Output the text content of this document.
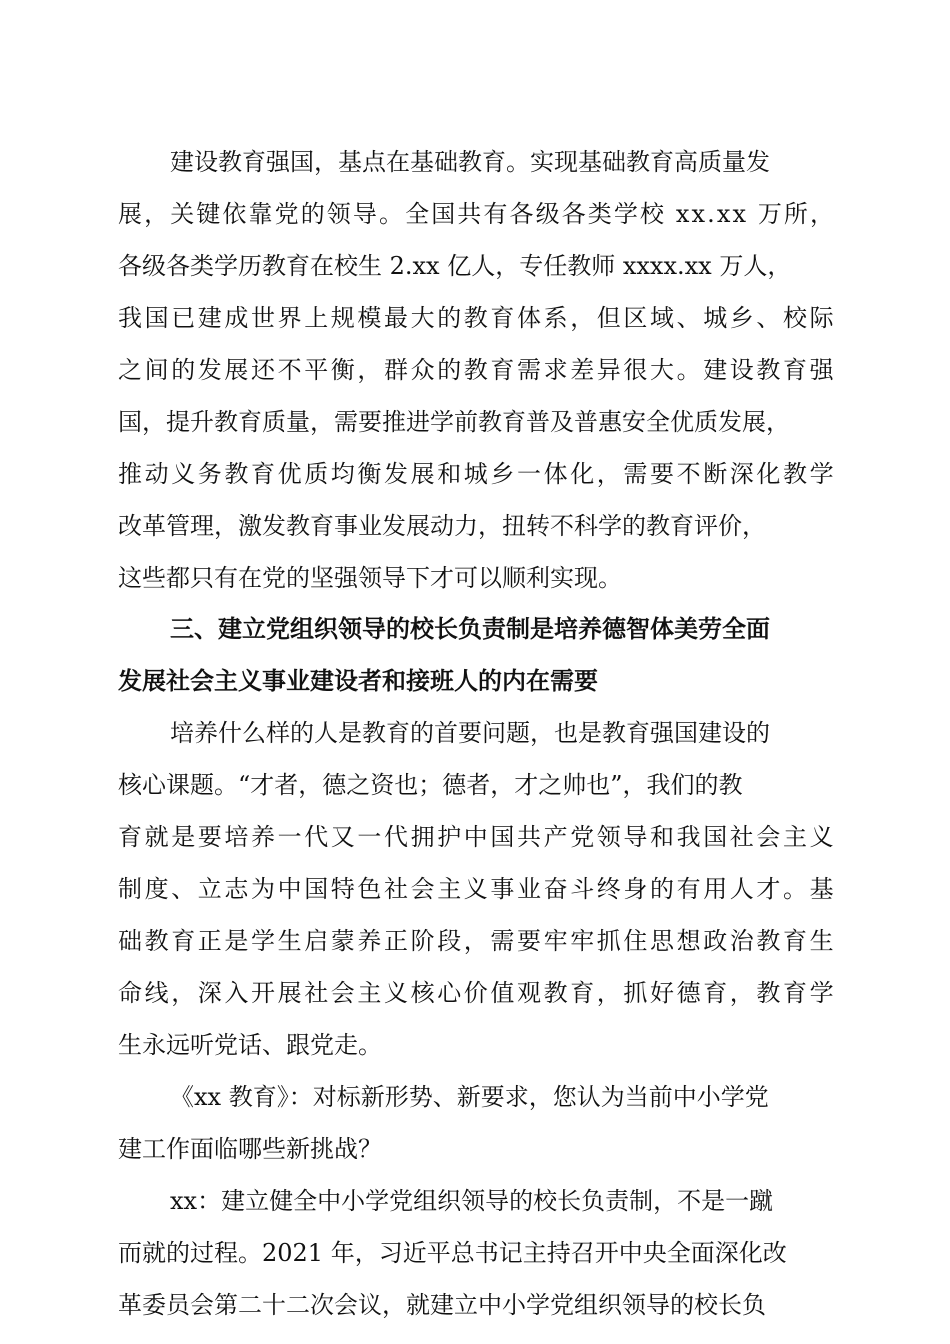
建设教育强国，基点在基础教育。实现基础教育高质量发
展，关键依靠党的领导。全国共有各级各类学校 xx.xx 万所，
各级各类学历教育在校生 2.xx 亿人，专任教师 xxxx.xx 万人，
我国已建成世界上规模最大的教育体系，但区域、城乡、校际
之间的发展还不平衡，群众的教育需求差异很大。建设教育强
国，提升教育质量，需要推进学前教育普及普惠安全优质发展，
推动义务教育优质均衡发展和城乡一体化，需要不断深化教学
改革管理，激发教育事业发展动力，扭转不科学的教育评价，
这些都只有在党的坚强领导下才可以顺利实现。
三、建立党组织领导的校长负责制是培养德智体美劳全面
发展社会主义事业建设者和接班人的内在需要
培养什么样的人是教育的首要问题，也是教育强国建设的
核心课题。“才者，德之资也；德者，才之帅也”，我们的教
育就是要培养一代又一代拥护中国共产党领导和我国社会主义
制度、立志为中国特色社会主义事业奋斗终身的有用人才。基
础教育正是学生启蒙养正阶段，需要牢牢抓住思想政治教育生
命线，深入开展社会主义核心价值观教育，抓好德育，教育学
生永远听党话、跟党走。
《xx 教育》：对标新形势、新要求，您认为当前中小学党
建工作面临哪些新挑战？
xx：建立健全中小学党组织领导的校长负责制，不是一蹴
而就的过程。2021 年，习近平总书记主持召开中央全面深化改
革委员会第二十二次会议，就建立中小学党组织领导的校长负
